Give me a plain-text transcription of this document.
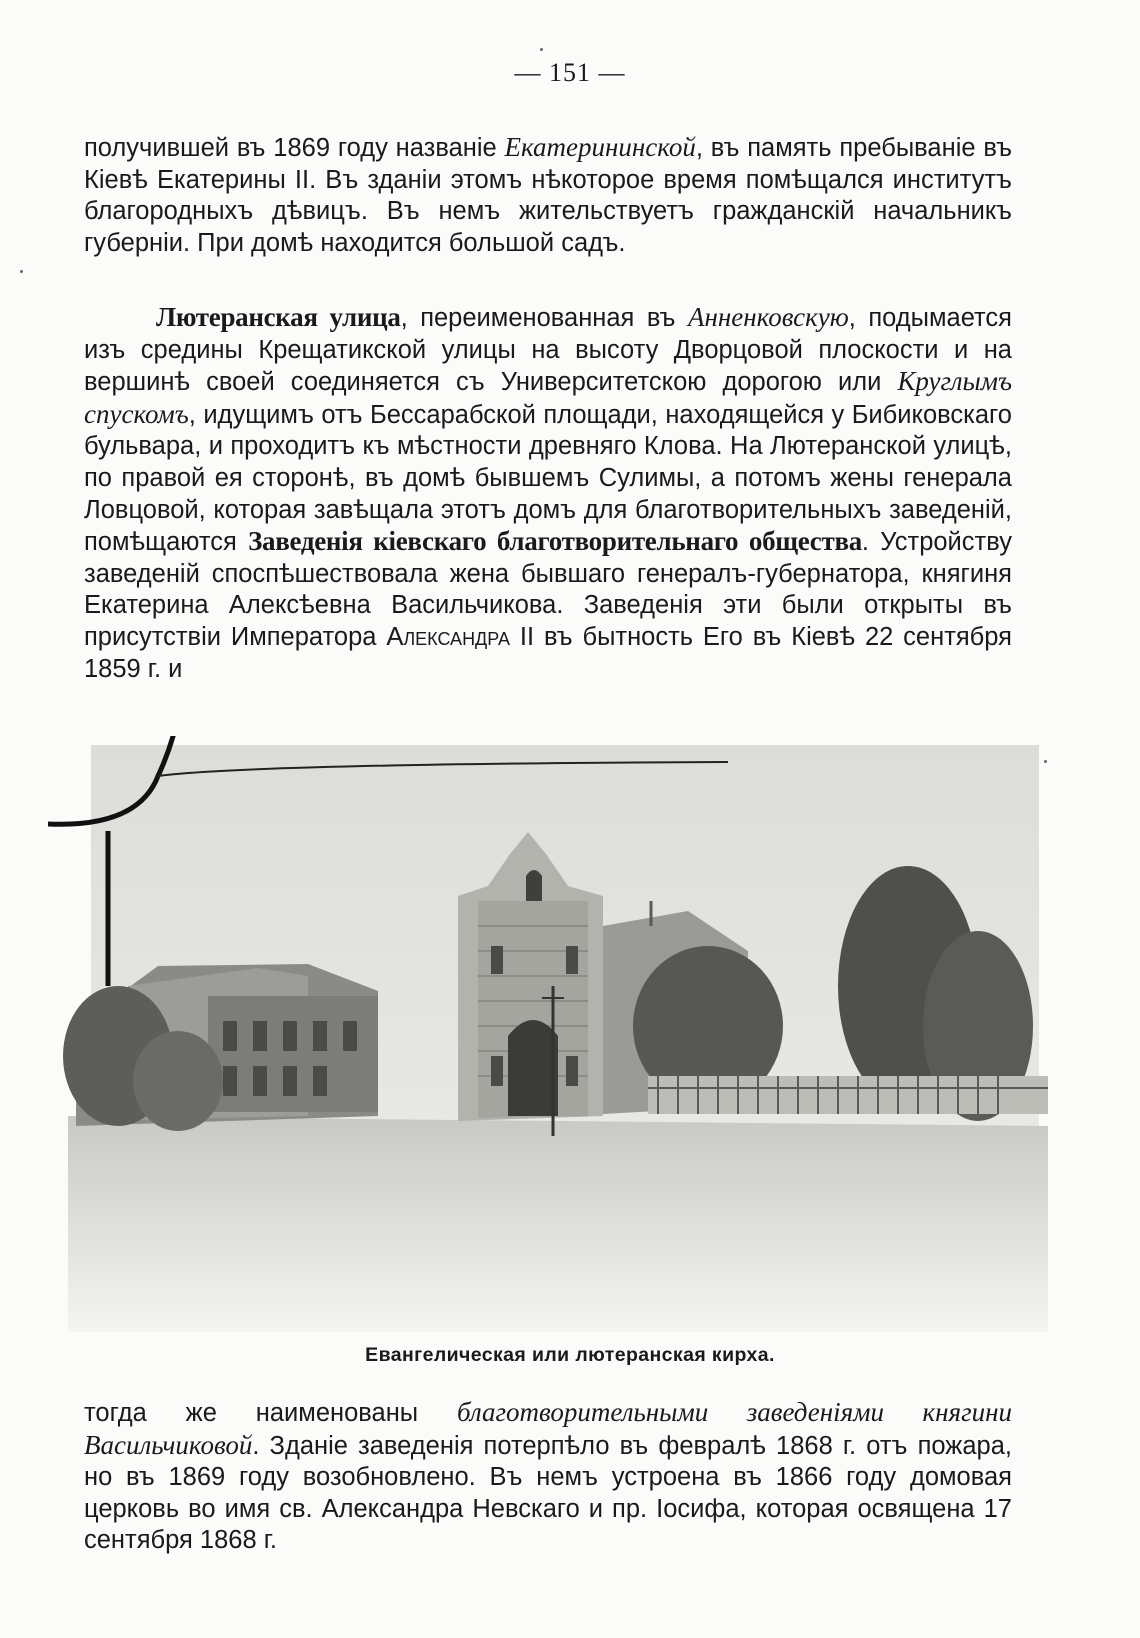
— 151 —

получившей въ 1869 году названіе Екатерининской, въ память пребываніе въ Кіевѣ Екатерины II. Въ зданіи этомъ нѣкоторое время помѣщался институтъ благородныхъ дѣвицъ. Въ немъ жительствуетъ гражданскій начальникъ губерніи. При домѣ находится большой садъ.

Лютеранская улица, переименованная въ Анненковскую, подымается изъ средины Крещатикской улицы на высоту Дворцовой плоскости и на вершинѣ своей соединяется съ Университетскою дорогою или Круглымъ спускомъ, идущимъ отъ Бессарабской площади, находящейся у Бибиковскаго бульвара, и проходитъ къ мѣстности древняго Клова. На Лютеранской улицѣ, по правой ея сторонѣ, въ домѣ бывшемъ Сулимы, а потомъ жены генерала Ловцовой, которая завѣщала этотъ домъ для благотворительныхъ заведеній, помѣщаются Заведенія кіевскаго благотворительнаго общества. Устройству заведеній споспѣшествовала жена бывшаго генералъ-губернатора, княгиня Екатерина Алексѣевна Васильчикова. Заведенія эти были открыты въ присутствіи Императора Александра II въ бытность Его въ Кіевѣ 22 сентября 1859 г. и

Евангелическая или лютеранская кирха.

тогда же наименованы благотворительными заведеніями княгини Васильчиковой. Зданіе заведенія потерпѣло въ февралѣ 1868 г. отъ пожара, но въ 1869 году возобновлено. Въ немъ устроена въ 1866 году домовая церковь во имя св. Александра Невскаго и пр. Іосифа, которая освящена 17 сентября 1868 г.
